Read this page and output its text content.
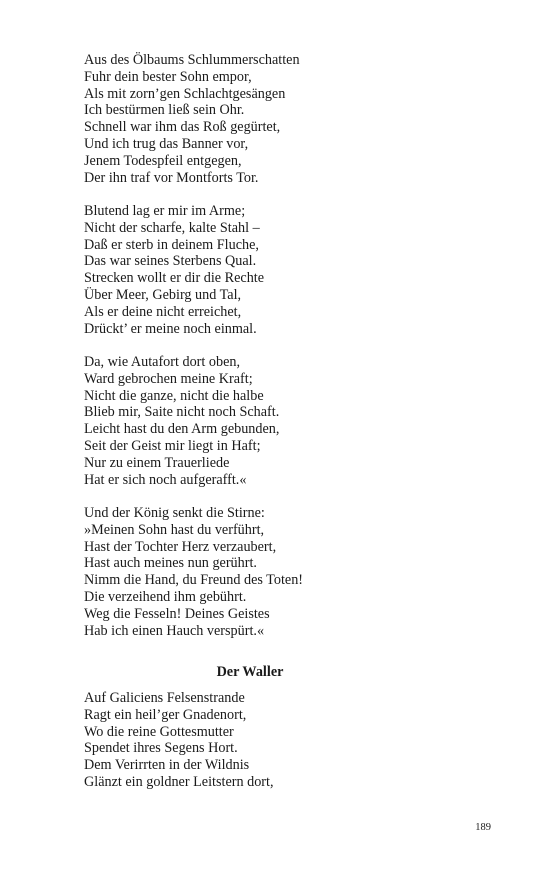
Aus des Ölbaums Schlummerschatten
Fuhr dein bester Sohn empor,
Als mit zorn’gen Schlachtgesängen
Ich bestürmen ließ sein Ohr.
Schnell war ihm das Roß gegürtet,
Und ich trug das Banner vor,
Jenem Todespfeil entgegen,
Der ihn traf vor Montforts Tor.
Blutend lag er mir im Arme;
Nicht der scharfe, kalte Stahl –
Daß er sterb in deinem Fluche,
Das war seines Sterbens Qual.
Strecken wollt er dir die Rechte
Über Meer, Gebirg und Tal,
Als er deine nicht erreichet,
Drückt’ er meine noch einmal.
Da, wie Autafort dort oben,
Ward gebrochen meine Kraft;
Nicht die ganze, nicht die halbe
Blieb mir, Saite nicht noch Schaft.
Leicht hast du den Arm gebunden,
Seit der Geist mir liegt in Haft;
Nur zu einem Trauerliede
Hat er sich noch aufgerafft.«
Und der König senkt die Stirne:
»Meinen Sohn hast du verführt,
Hast der Tochter Herz verzaubert,
Hast auch meines nun gerührt.
Nimm die Hand, du Freund des Toten!
Die verzeihend ihm gebührt.
Weg die Fesseln! Deines Geistes
Hab ich einen Hauch verspürt.«
Der Waller
Auf Galiciens Felsenstrande
Ragt ein heil’ger Gnadenort,
Wo die reine Gottesmutter
Spendet ihres Segens Hort.
Dem Verirrten in der Wildnis
Glänzt ein goldner Leitstern dort,
189
